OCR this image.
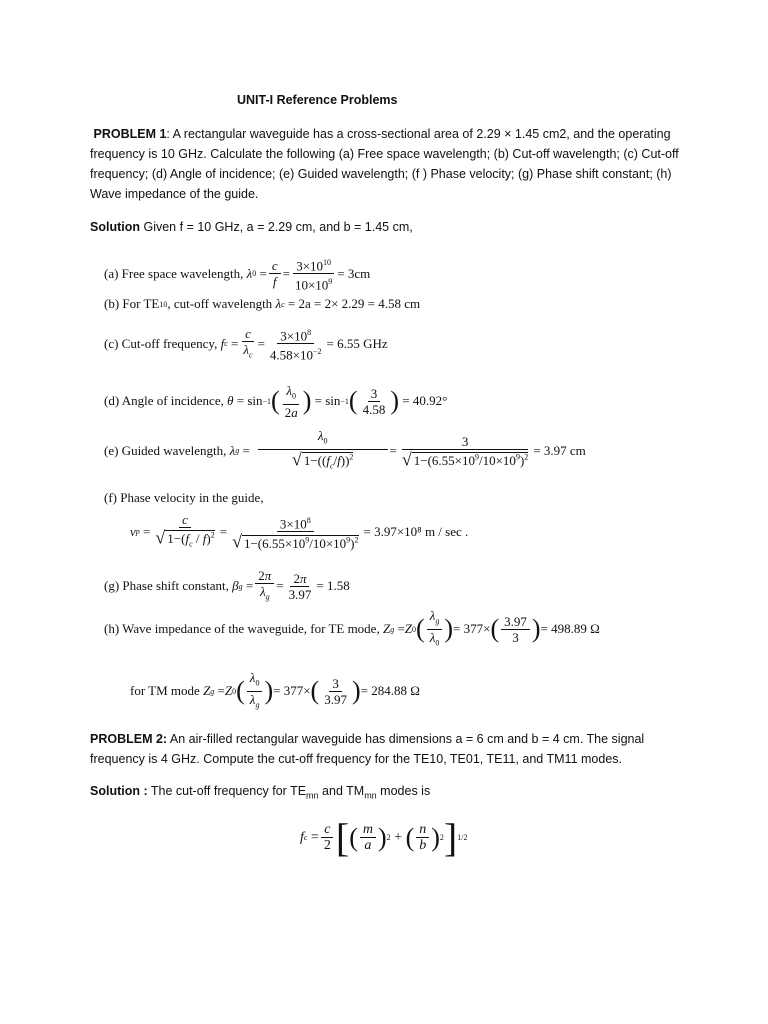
UNIT-I Reference Problems
PROBLEM 1: A rectangular waveguide has a cross-sectional area of 2.29 × 1.45 cm2, and the operating frequency is 10 GHz. Calculate the following (a) Free space wavelength; (b) Cut-off wavelength; (c) Cut-off frequency; (d) Angle of incidence; (e) Guided wavelength; (f ) Phase velocity; (g) Phase shift constant; (h) Wave impedance of the guide.
Solution Given f = 10 GHz, a = 2.29 cm, and b = 1.45 cm,
(a) Free space wavelength,
λ $0 = \frac{c}{f} = \frac{3\times 10^{10}}{10\times 10^9} = 3cm$
(b) For TE 10 , cut-off wavelength
λ c
= 2a = 2× 2.29 = 4.58 cm
(c) Cut-off frequency,
f $c = \frac{c}{\lambda_c} = \frac{3\times 10^8}{4.58\times 10^{-2}} = 6.55$ GHz
(d) Angle of incidence,
θ = sin −1 ( $\frac{\lambda_0}{2a}$ ) = sin −1 ( $\frac{3}{4.58}$ )
= 40.92°
(e) Guided wavelength,
λ $g = \frac{\lambda_0}{√ 1-((f_c/f))^2} = \frac{3}{√ 1-(6.55\times 10^9/10\times 10^9)^2} = 3.97$ cm
(f) Phase velocity in the guide,
v $p = \frac{c}{√ 1-(f_c / f)^2} = \frac{3\times 10^8}{√ 1-(6.55\times 10^9/10\times 10^9)^2} = 3.97\times 10^8$ m / sec .
(g) Phase shift constant,
β $g = \frac{2\pi}{\lambda_g} = \frac{2\pi}{3.97} = 1.58$
(h) Wave impedance of the waveguide, for TE mode,
Z g = Z 0 ( $\frac{\lambda_g}{\lambda_0}$ ) = 377× ( $\frac{3.97}{3}$ ) = 498.89 Ω
for TM mode
Z g = Z 0 ( $\frac{\lambda_0}{\lambda_g}$ ) = 377× ( $\frac{3}{3.97}$ ) = 284.88 Ω
PROBLEM 2: An air-filled rectangular waveguide has dimensions a = 6 cm and b = 4 cm. The signal frequency is 4 GHz. Compute the cut-off frequency for the TE10, TE01, TE11, and TM11 modes.
Solution : The cut-off frequency for $TE_{mn}$ and $TM_{mn}$ modes is
f $c = \frac{c}{2}$ [ ( $\frac{m}{a}$ ) 2 + ( $\frac{n}{b}$ ) 2 ] 1/2
